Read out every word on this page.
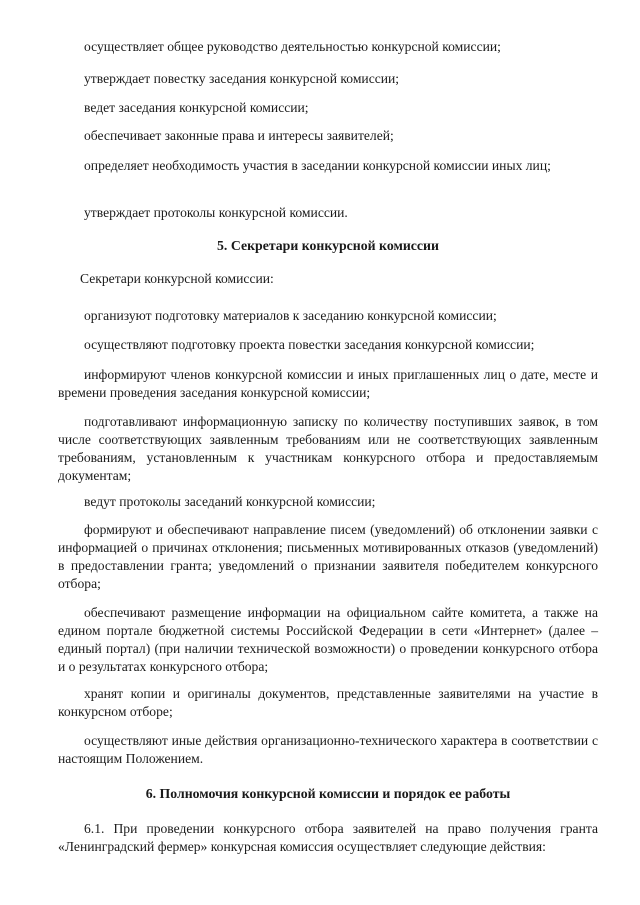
осуществляет общее руководство деятельностью конкурсной комиссии;

утверждает повестку заседания конкурсной комиссии;

ведет заседания конкурсной комиссии;

обеспечивает законные права и интересы заявителей;

определяет необходимость участия в заседании конкурсной комиссии иных лиц;

утверждает протоколы конкурсной комиссии.

5. Секретари конкурсной комиссии

Секретари конкурсной комиссии:

организуют подготовку материалов к заседанию конкурсной комиссии;

осуществляют подготовку проекта повестки заседания конкурсной комиссии;

информируют членов конкурсной комиссии и иных приглашенных лиц о дате, месте и времени проведения заседания конкурсной комиссии;

подготавливают информационную записку по количеству поступивших заявок, в том числе соответствующих заявленным требованиям или не соответствующих заявленным требованиям, установленным к участникам конкурсного отбора и предоставляемым документам;

ведут протоколы заседаний конкурсной комиссии;

формируют и обеспечивают направление писем (уведомлений) об отклонении заявки с информацией о причинах отклонения; письменных мотивированных отказов (уведомлений) в предоставлении гранта; уведомлений о признании заявителя победителем конкурсного отбора;

обеспечивают размещение информации на официальном сайте комитета, а также на едином портале бюджетной системы Российской Федерации в сети «Интернет» (далее – единый портал) (при наличии технической возможности) о проведении конкурсного отбора и о результатах конкурсного отбора;

хранят копии и оригиналы документов, представленные заявителями на участие в конкурсном отборе;

осуществляют иные действия организационно-технического характера в соответствии с настоящим Положением.

6. Полномочия конкурсной комиссии и порядок ее работы

6.1. При проведении конкурсного отбора заявителей на право получения гранта «Ленинградский фермер» конкурсная комиссия осуществляет следующие действия:
